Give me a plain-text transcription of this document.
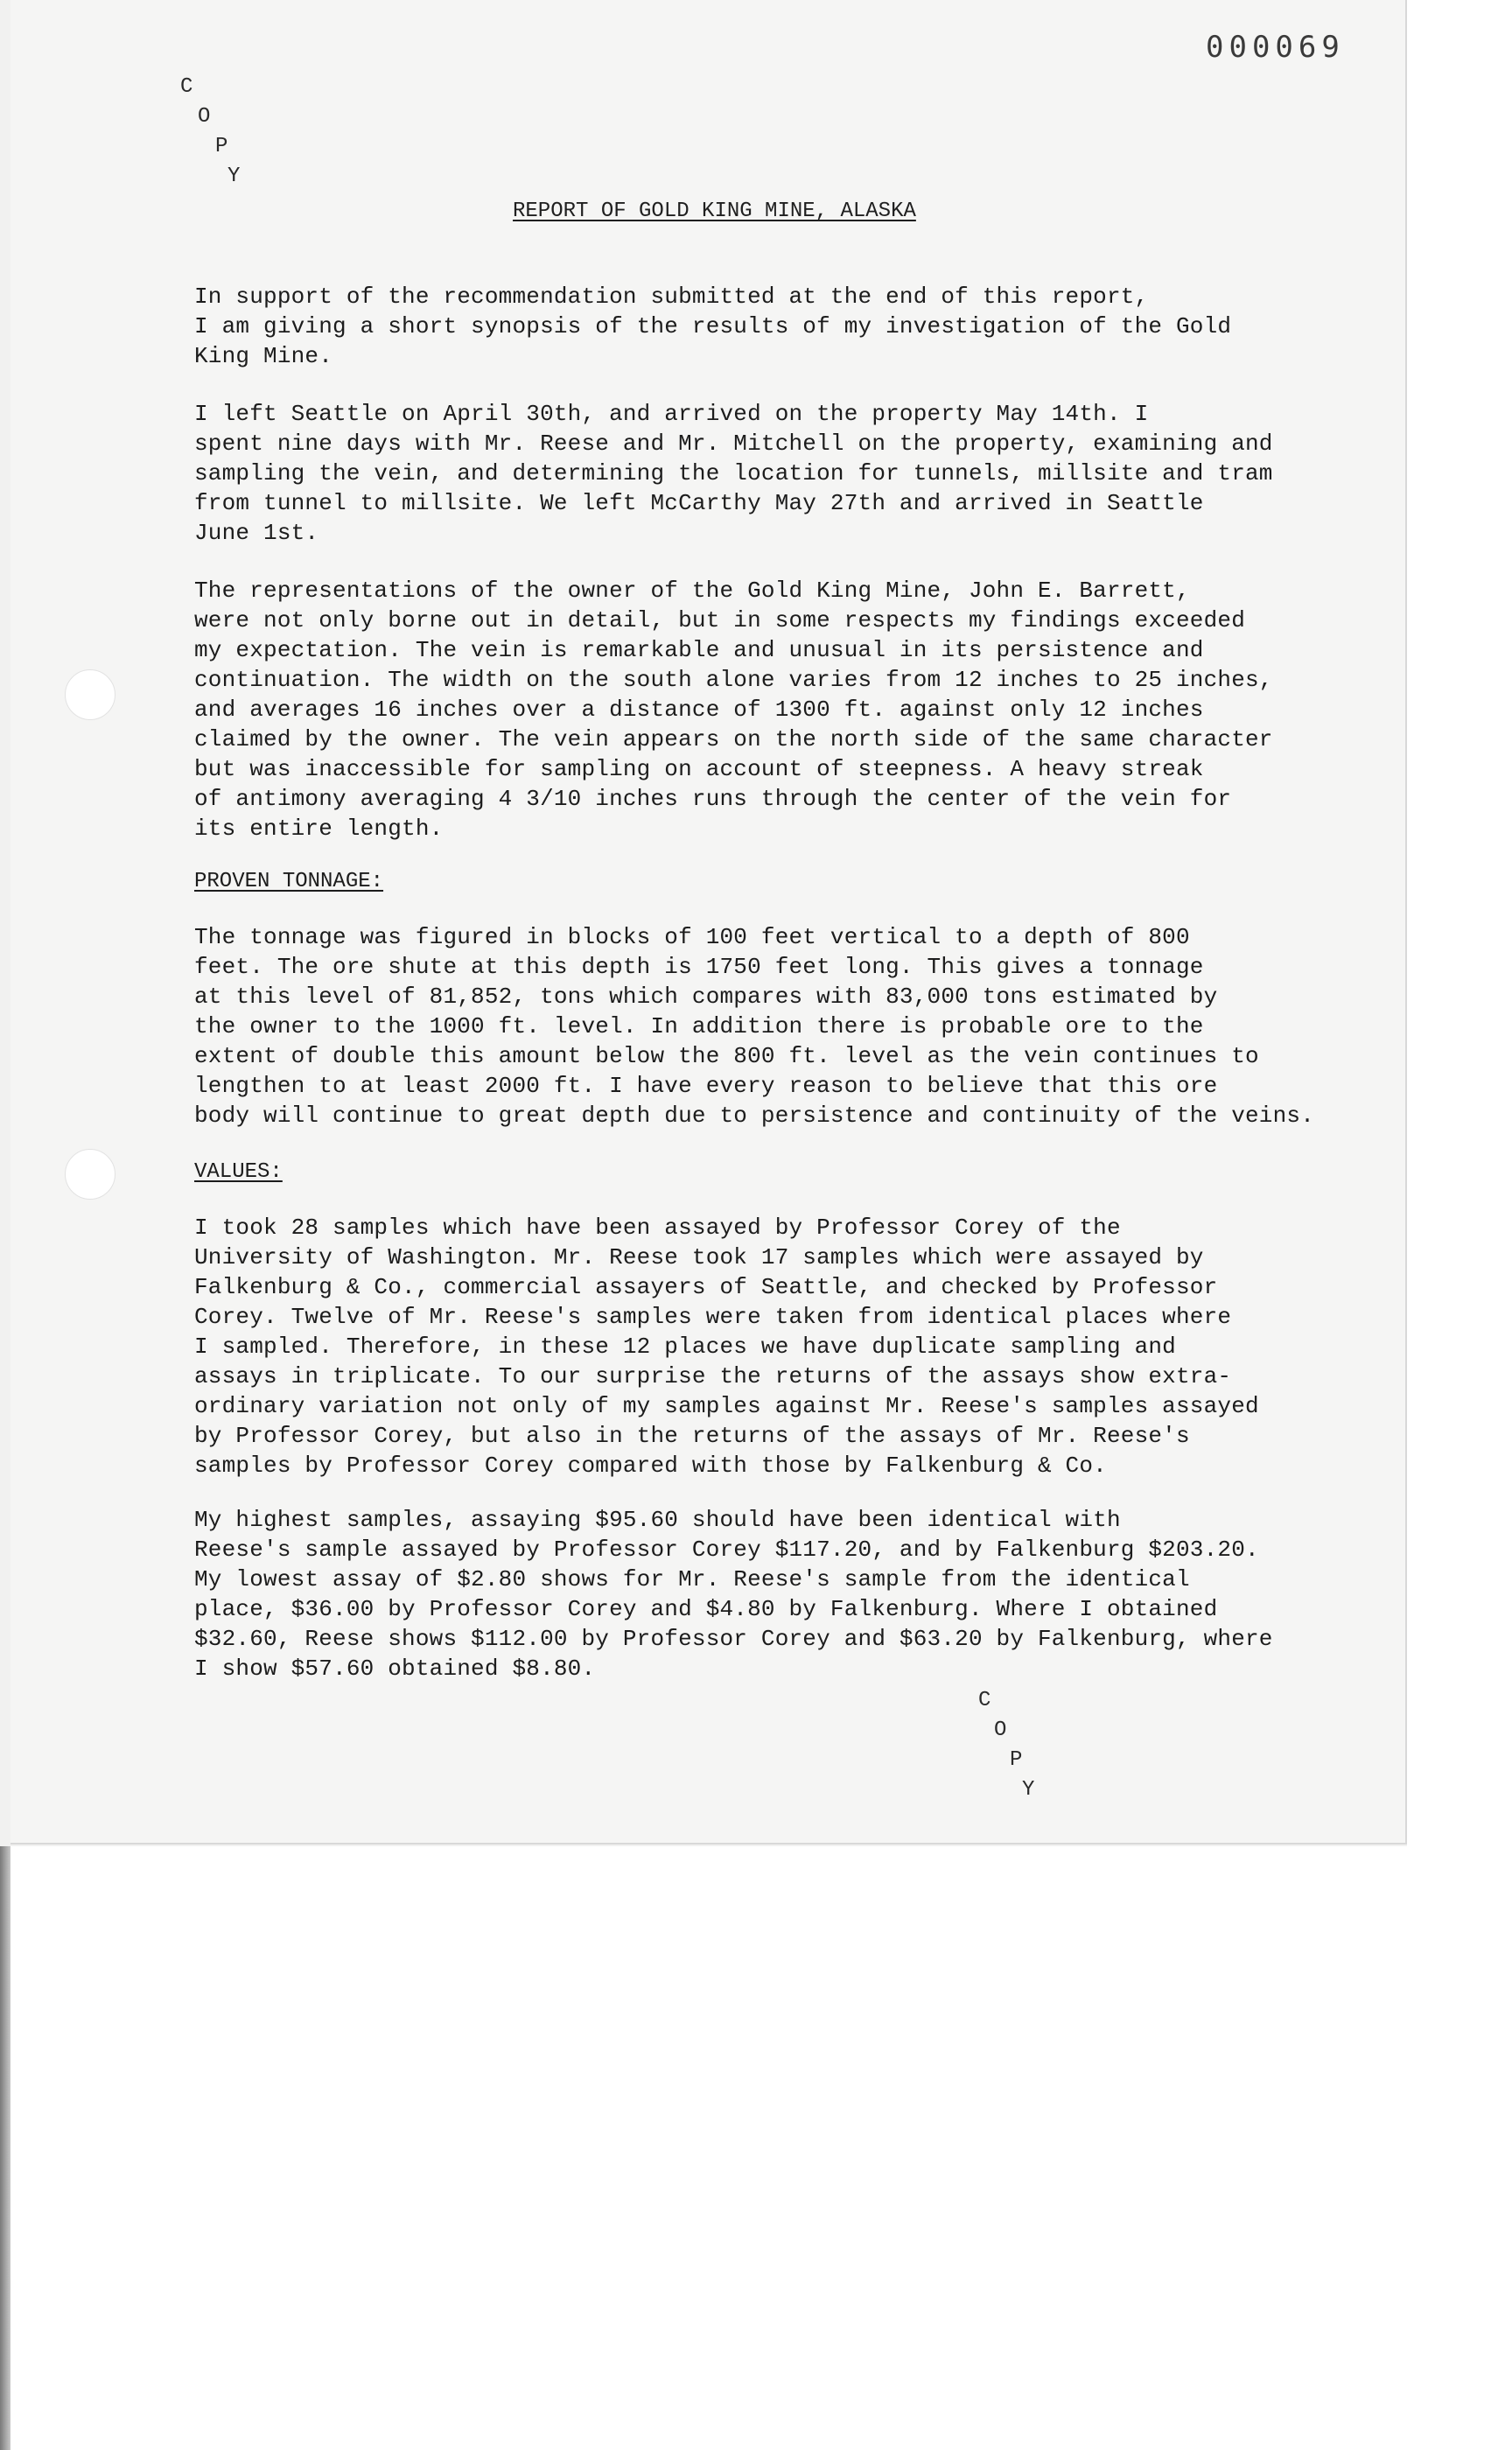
000069
C
O
P
Y
REPORT OF GOLD KING MINE, ALASKA
In support of the recommendation submitted at the end of this report,
I am giving a short synopsis of the results of my investigation of the Gold
King Mine.
I left Seattle on April 30th, and arrived on the property May 14th. I
spent nine days with Mr. Reese and Mr. Mitchell on the property, examining and
sampling the vein, and determining the location for tunnels, millsite and tram
from tunnel to millsite. We left McCarthy May 27th and arrived in Seattle
June 1st.
The representations of the owner of the Gold King Mine, John E. Barrett,
were not only borne out in detail, but in some respects my findings exceeded
my expectation. The vein is remarkable and unusual in its persistence and
continuation. The width on the south alone varies from 12 inches to 25 inches,
and averages 16 inches over a distance of 1300 ft. against only 12 inches
claimed by the owner. The vein appears on the north side of the same character
but was inaccessible for sampling on account of steepness. A heavy streak
of antimony averaging 4 3/10 inches runs through the center of the vein for
its entire length.
PROVEN TONNAGE:
The tonnage was figured in blocks of 100 feet vertical to a depth of 800
feet. The ore shute at this depth is 1750 feet long. This gives a tonnage
at this level of 81,852, tons which compares with 83,000 tons estimated by
the owner to the 1000 ft. level. In addition there is probable ore to the
extent of double this amount below the 800 ft. level as the vein continues to
lengthen to at least 2000 ft. I have every reason to believe that this ore
body will continue to great depth due to persistence and continuity of the veins.
VALUES:
I took 28 samples which have been assayed by Professor Corey of the
University of Washington. Mr. Reese took 17 samples which were assayed by
Falkenburg & Co., commercial assayers of Seattle, and checked by Professor
Corey. Twelve of Mr. Reese's samples were taken from identical places where
I sampled. Therefore, in these 12 places we have duplicate sampling and
assays in triplicate. To our surprise the returns of the assays show extra-
ordinary variation not only of my samples against Mr. Reese's samples assayed
by Professor Corey, but also in the returns of the assays of Mr. Reese's
samples by Professor Corey compared with those by Falkenburg & Co.
My highest samples, assaying $95.60 should have been identical with
Reese's sample assayed by Professor Corey $117.20, and by Falkenburg $203.20.
My lowest assay of $2.80 shows for Mr. Reese's sample from the identical
place, $36.00 by Professor Corey and $4.80 by Falkenburg. Where I obtained
$32.60, Reese shows $112.00 by Professor Corey and $63.20 by Falkenburg, where
I show $57.60 obtained $8.80.
C
O
P
Y
